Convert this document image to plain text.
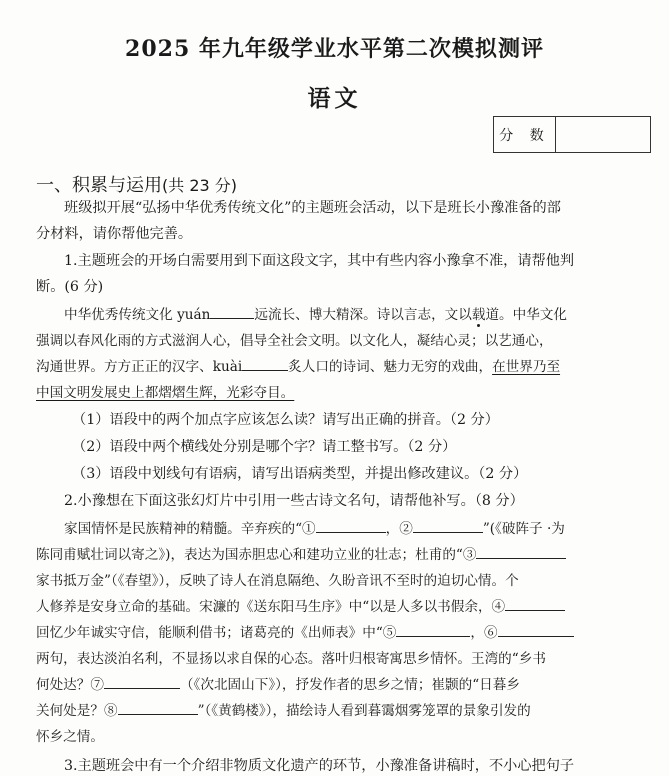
2025 年九年级学业水平第二次模拟测评
语文
分 数
一、积累与运用(共 23 分)
班级拟开展“弘扬中华优秀传统文化”的主题班会活动，以下是班长小豫准备的部
分材料，请你帮他完善。
1.主题班会的开场白需要用到下面这段文字，其中有些内容小豫拿不准，请帮他判
断。(6 分)
中华优秀传统文化 yuán	远流长、博大精深。诗以言志，文以载道。中华文化
强调以春风化雨的方式滋润人心，倡导全社会文明。以文化人，凝结心灵；以艺通心，
沟通世界。方方正正的汉字、kuài	炙人口的诗词、魅力无穷的戏曲，在世界乃至
中国文明发展史上都熠熠生辉，光彩夺目。
（1）语段中的两个加点字应该怎么读？请写出正确的拼音。（2 分）
（2）语段中两个横线处分别是哪个字？请工整书写。（2 分）
（3）语段中划线句有语病，请写出语病类型，并提出修改建议。（2 分）
2.小豫想在下面这张幻灯片中引用一些古诗文名句，请帮他补写。（8 分）
家国情怀是民族精神的精髓。辛弃疾的“①	，②	”(《破阵子 ·为
陈同甫赋壮词以寄之》)，表达为国赤胆忠心和建功立业的壮志；杜甫的“③
家书抵万金”（《春望》），反映了诗人在消息隔绝、久盼音讯不至时的迫切心情。个
人修养是安身立命的基础。宋濂的《送东阳马生序》中“以是人多以书假余，④
回忆少年诚实守信，能顺利借书；诸葛亮的《出师表》中“⑤	，⑥
两句，表达淡泊名利，不显扬以求自保的心态。落叶归根寄寓思乡情怀。王湾的“乡书
何处达？⑦	（《次北固山下》），抒发作者的思乡之情；崔颢的“日暮乡
关何处是？⑧	”（《黄鹤楼》），描绘诗人看到暮霭烟雾笼罩的景象引发的
怀乡之情。
3.主题班会中有一个介绍非物质文化遗产的环节，小豫准备讲稿时，不小心把句子
